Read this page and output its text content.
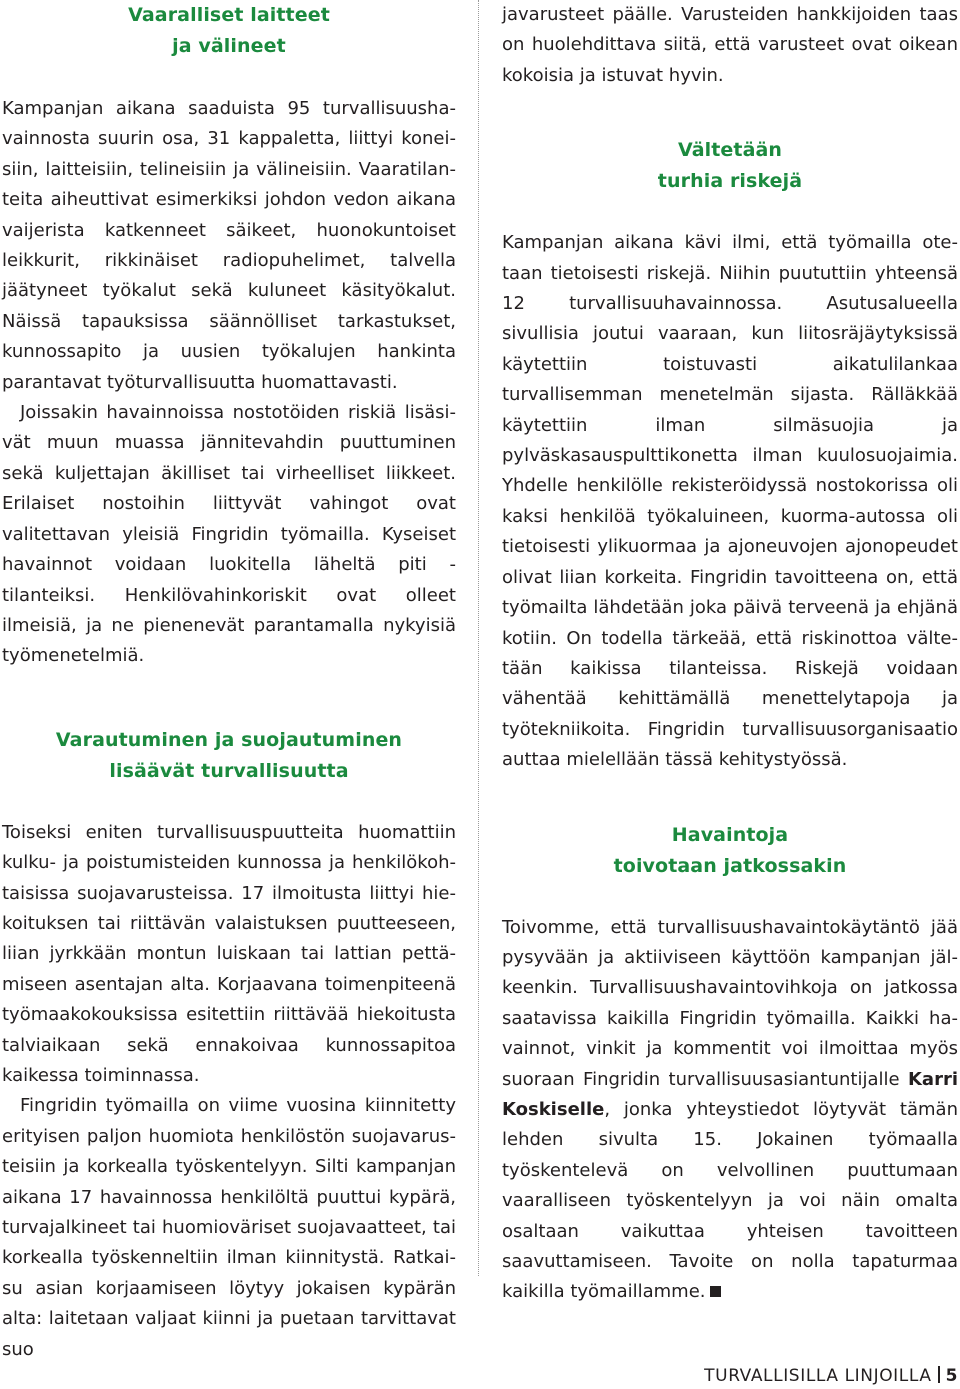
Vaaralliset laitteet
ja välineet

Kampanjan aikana saaduista 95 turvallisuushavainnosta suurin osa, 31 kappaletta, liittyi koneisiin, laitteisiin, telineisiin ja välineisiin. Vaaratilanteita aiheuttivat esimerkiksi johdon vedon aikana vaijerista katkenneet säikeet, huonokuntoiset leikkurit, rikkinäiset radiopuhelimet, talvella jäätyneet työkalut sekä kuluneet käsityökalut. Näissä tapauksissa säännölliset tarkastukset, kunnossapito ja uusien työkalujen hankinta parantavat työturvallisuutta huomattavasti.

Joissakin havainnoissa nostotöiden riskiä lisäsivät muun muassa jännitevahdin puuttuminen sekä kuljettajan äkilliset tai virheelliset liikkeet. Erilaiset nostoihin liittyvät vahingot ovat valitettavan yleisiä Fingridin työmailla. Kyseiset havainnot voidaan luokitella läheltä piti -tilanteiksi. Henkilövahinkoriskit ovat olleet ilmeisiä, ja ne pienenevät parantamalla nykyisiä työmenetelmiä.

Varautuminen ja suojautuminen
lisäävät turvallisuutta

Toiseksi eniten turvallisuuspuutteita huomattiin kulku- ja poistumisteiden kunnossa ja henkilökohtaisissa suojavarusteissa. 17 ilmoitusta liittyi hiekoituksen tai riittävän valaistuksen puutteeseen, liian jyrkkään montun luiskaan tai lattian pettämiseen asentajan alta. Korjaavana toimenpiteenä työmaakokouksissa esitettiin riittävää hiekoitusta talviaikaan sekä ennakoivaa kunnossapitoa kaikessa toiminnassa.

Fingridin työmailla on viime vuosina kiinnitetty erityisen paljon huomiota henkilöstön suojavarusteisiin ja korkealla työskentelyyn. Silti kampanjan aikana 17 havainnossa henkilöltä puuttui kypärä, turvajalkineet tai huomioväriset suojavaatteet, tai korkealla työskenneltiin ilman kiinnitystä. Ratkaisu asian korjaamiseen löytyy jokaisen kypärän alta: laitetaan valjaat kiinni ja puetaan tarvittavat suo

javarusteet päälle. Varusteiden hankkijoiden taas on huolehdittava siitä, että varusteet ovat oikean kokoisia ja istuvat hyvin.

Vältetään
turhia riskejä

Kampanjan aikana kävi ilmi, että työmailla otetaan tietoisesti riskejä. Niihin puututtiin yhteensä 12 turvallisuuhavainnossa. Asutusalueella sivullisia joutui vaaraan, kun liitosräjäytyksissä käytettiin toistuvasti aikatulilankaa turvallisemman menetelmän sijasta. Rälläkkää käytettiin ilman silmäsuojia ja pylväskasauspulttikonetta ilman kuulosuojaimia. Yhdelle henkilölle rekisteröidyssä nostokorissa oli kaksi henkilöä työkaluineen, kuorma-autossa oli tietoisesti ylikuormaa ja ajoneuvojen ajonopeudet olivat liian korkeita. Fingridin tavoitteena on, että työmailta lähdetään joka päivä terveenä ja ehjänä kotiin. On todella tärkeää, että riskinottoa vältetään kaikissa tilanteissa. Riskejä voidaan vähentää kehittämällä menettelytapoja ja työtekniikoita. Fingridin turvallisuusorganisaatio auttaa mielellään tässä kehitystyössä.

Havaintoja
toivotaan jatkossakin

Toivomme, että turvallisuushavaintokäytäntö jää pysyvään ja aktiiviseen käyttöön kampanjan jälkeenkin. Turvallisuushavaintovihkoja on jatkossa saatavissa kaikilla Fingridin työmailla. Kaikki havainnot, vinkit ja kommentit voi ilmoittaa myös suoraan Fingridin turvallisuusasiantuntijalle Karri Koskiselle, jonka yhteystiedot löytyvät tämän lehden sivulta 15. Jokainen työmaalla työskentelevä on velvollinen puuttumaan vaaralliseen työskentelyyn ja voi näin omalta osaltaan vaikuttaa yhteisen tavoitteen saavuttamiseen. Tavoite on nolla tapaturmaa kaikilla työmaillamme.

TURVALLISILLA LINJOILLA 5
